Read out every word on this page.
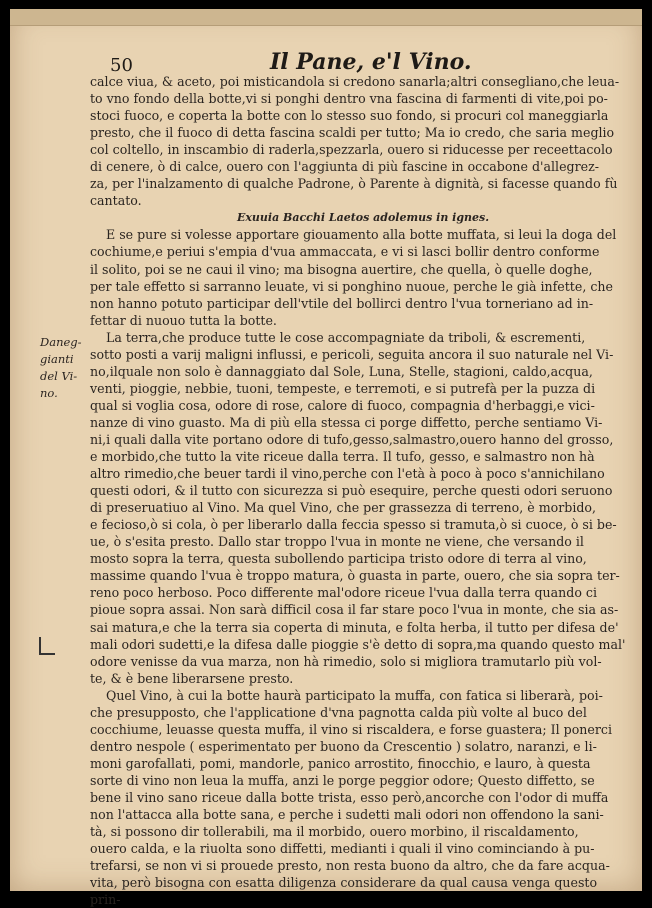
50	Il Pane, e'l Vino.
Daneg-
gianti
del Vi-
no.
calce viua, & aceto, poi misticandola si credono sanarla;altri consegliano,che leua-
to vno fondo della botte,vi si ponghi dentro vna fascina di farmenti di vite,poi po-
stoci fuoco, e coperta la botte con lo stesso suo fondo, si procuri col maneggiarla
presto, che il fuoco di detta fascina scaldi per tutto; Ma io credo, che saria meglio
col coltello, in inscambio di raderla,spezzarla, ouero si riducesse per receettacolo
di cenere, ò di calce, ouero con l'aggiunta di più fascine in occabone d'allegrez-
za, per l'inalzamento di qualche Padrone, ò Parente à dignità, si facesse quando fù
cantato.
Exuuia Bacchi Laetos adolemus in ignes.
E se pure si volesse apportare giouamento alla botte muffata, si leui la doga del
cochiume,e periui s'empia d'vua ammaccata, e vi si lasci bollir dentro conforme
il solito, poi se ne caui il vino; ma bisogna auertire, che quella, ò quelle doghe,
per tale effetto si sarranno leuate, vi si ponghino nuoue, perche le già infette, che
non hanno potuto participar dell'vtile del bollirci dentro l'vua torneriano ad in-
fettar di nuouo tutta la botte.
La terra,che produce tutte le cose accompagniate da triboli, & escrementi,
sotto posti a varij maligni influssi, e pericoli, seguita ancora il suo naturale nel Vi-
no,ilquale non solo è dannaggiato dal Sole, Luna, Stelle, stagioni, caldo,acqua,
venti, pioggie, nebbie, tuoni, tempeste, e terremoti, e si putrefà per la puzza di
qual si voglia cosa, odore di rose, calore di fuoco, compagnia d'herbaggi,e vici-
nanze di vino guasto. Ma di più ella stessa ci porge diffetto, perche sentiamo Vi-
ni,i quali dalla vite portano odore di tufo,gesso,salmastro,ouero hanno del grosso,
e morbido,che tutto la vite riceue dalla terra. Il tufo, gesso, e salmastro non hà
altro rimedio,che beuer tardi il vino,perche con l'età à poco à poco s'annichilano
questi odori, & il tutto con sicurezza si può esequire, perche questi odori seruono
di preseruatiuo al Vino. Ma quel Vino, che per grassezza di terreno, è morbido,
e fecioso,ò si cola, ò per liberarlo dalla feccia spesso si tramuta,ò si cuoce, ò si be-
ue, ò s'esita presto. Dallo star troppo l'vua in monte ne viene, che versando il
mosto sopra la terra, questa subollendo participa tristo odore di terra al vino,
massime quando l'vua è troppo matura, ò guasta in parte, ouero, che sia sopra ter-
reno poco herboso. Poco differente mal'odore riceue l'vua dalla terra quando ci
pioue sopra assai. Non sarà difficil cosa il far stare poco l'vua in monte, che sia as-
sai matura,e che la terra sia coperta di minuta, e folta herba, il tutto per difesa de'
mali odori sudetti,e la difesa dalle pioggie s'è detto di sopra,ma quando questo mal'
odore venisse da vua marza, non hà rimedio, solo si migliora tramutarlo più vol-
te, & è bene liberarsene presto.
Quel Vino, à cui la botte haurà participato la muffa, con fatica si liberarà, poi-
che presupposto, che l'applicatione d'vna pagnotta calda più volte al buco del
cocchiume, leuasse questa muffa, il vino si riscaldera, e forse guastera; Il ponerci
dentro nespole ( esperimentato per buono da Crescentio ) solatro, naranzi, e li-
moni garofallati, pomi, mandorle, panico arrostito, finocchio, e lauro, à questa
sorte di vino non leua la muffa, anzi le porge peggior odore; Questo diffetto, se
bene il vino sano riceue dalla botte trista, esso però,ancorche con l'odor di muffa
non l'attacca alla botte sana, e perche i sudetti mali odori non offendono la sani-
tà, si possono dir tollerabili, ma il morbido, ouero morbino, il riscaldamento,
ouero calda, e la riuolta sono diffetti, medianti i quali il vino cominciando à pu-
trefarsi, se non vi si prouede presto, non resta buono da altro, che da fare acqua-
vita, però bisogna con esatta diligenza considerare da qual causa venga questo
prin-
